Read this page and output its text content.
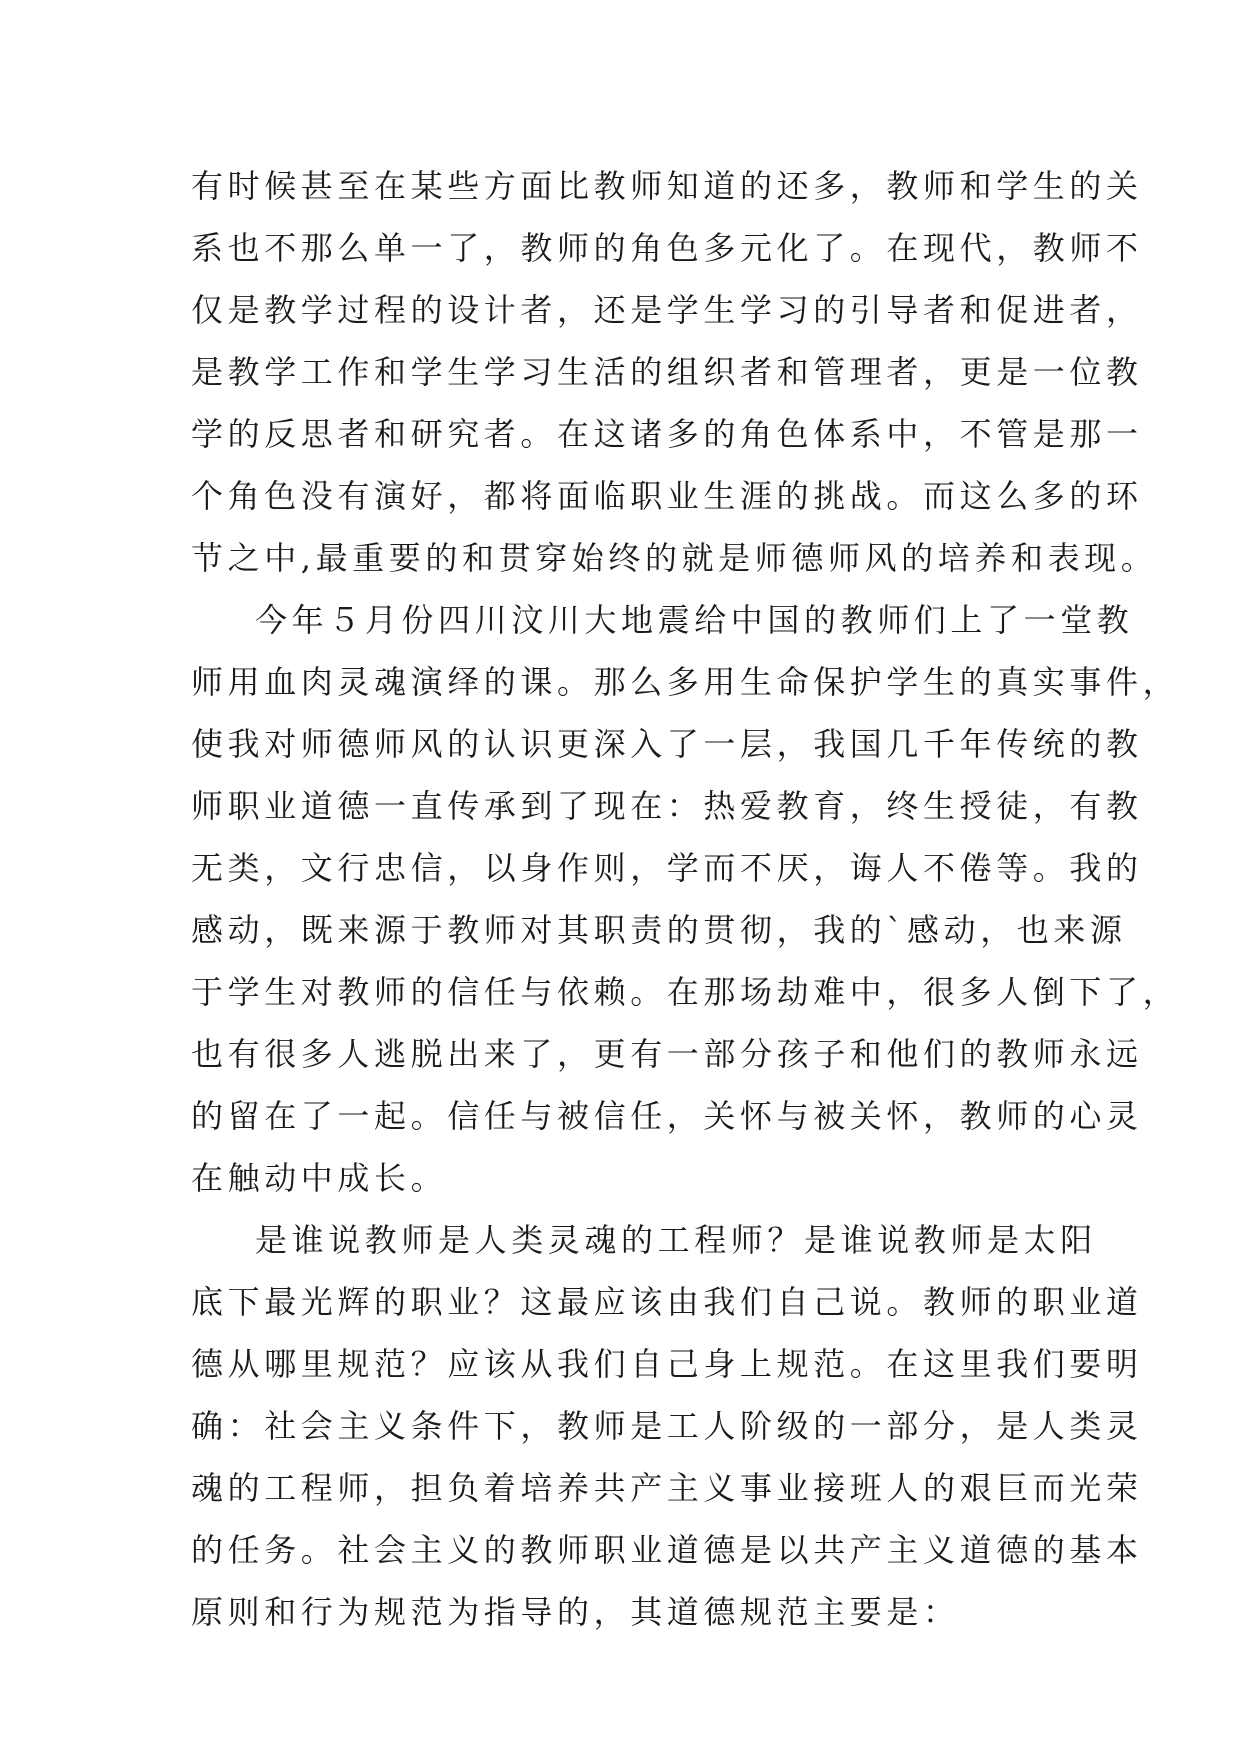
有时候甚至在某些方面比教师知道的还多，教师和学生的关
系也不那么单一了，教师的角色多元化了。在现代，教师不
仅是教学过程的设计者，还是学生学习的引导者和促进者，
是教学工作和学生学习生活的组织者和管理者，更是一位教
学的反思者和研究者。在这诸多的角色体系中，不管是那一
个角色没有演好，都将面临职业生涯的挑战。而这么多的环
节之中,最重要的和贯穿始终的就是师德师风的培养和表现。
今年５月份四川汶川大地震给中国的教师们上了一堂教
师用血肉灵魂演绎的课。那么多用生命保护学生的真实事件，
使我对师德师风的认识更深入了一层，我国几千年传统的教
师职业道德一直传承到了现在：热爱教育，终生授徒，有教
无类，文行忠信，以身作则，学而不厌，诲人不倦等。我的
感动，既来源于教师对其职责的贯彻，我的`感动，也来源
于学生对教师的信任与依赖。在那场劫难中，很多人倒下了，
也有很多人逃脱出来了，更有一部分孩子和他们的教师永远
的留在了一起。信任与被信任，关怀与被关怀，教师的心灵
在触动中成长。
是谁说教师是人类灵魂的工程师？是谁说教师是太阳
底下最光辉的职业？这最应该由我们自己说。教师的职业道
德从哪里规范？应该从我们自己身上规范。在这里我们要明
确：社会主义条件下，教师是工人阶级的一部分，是人类灵
魂的工程师，担负着培养共产主义事业接班人的艰巨而光荣
的任务。社会主义的教师职业道德是以共产主义道德的基本
原则和行为规范为指导的，其道德规范主要是：
